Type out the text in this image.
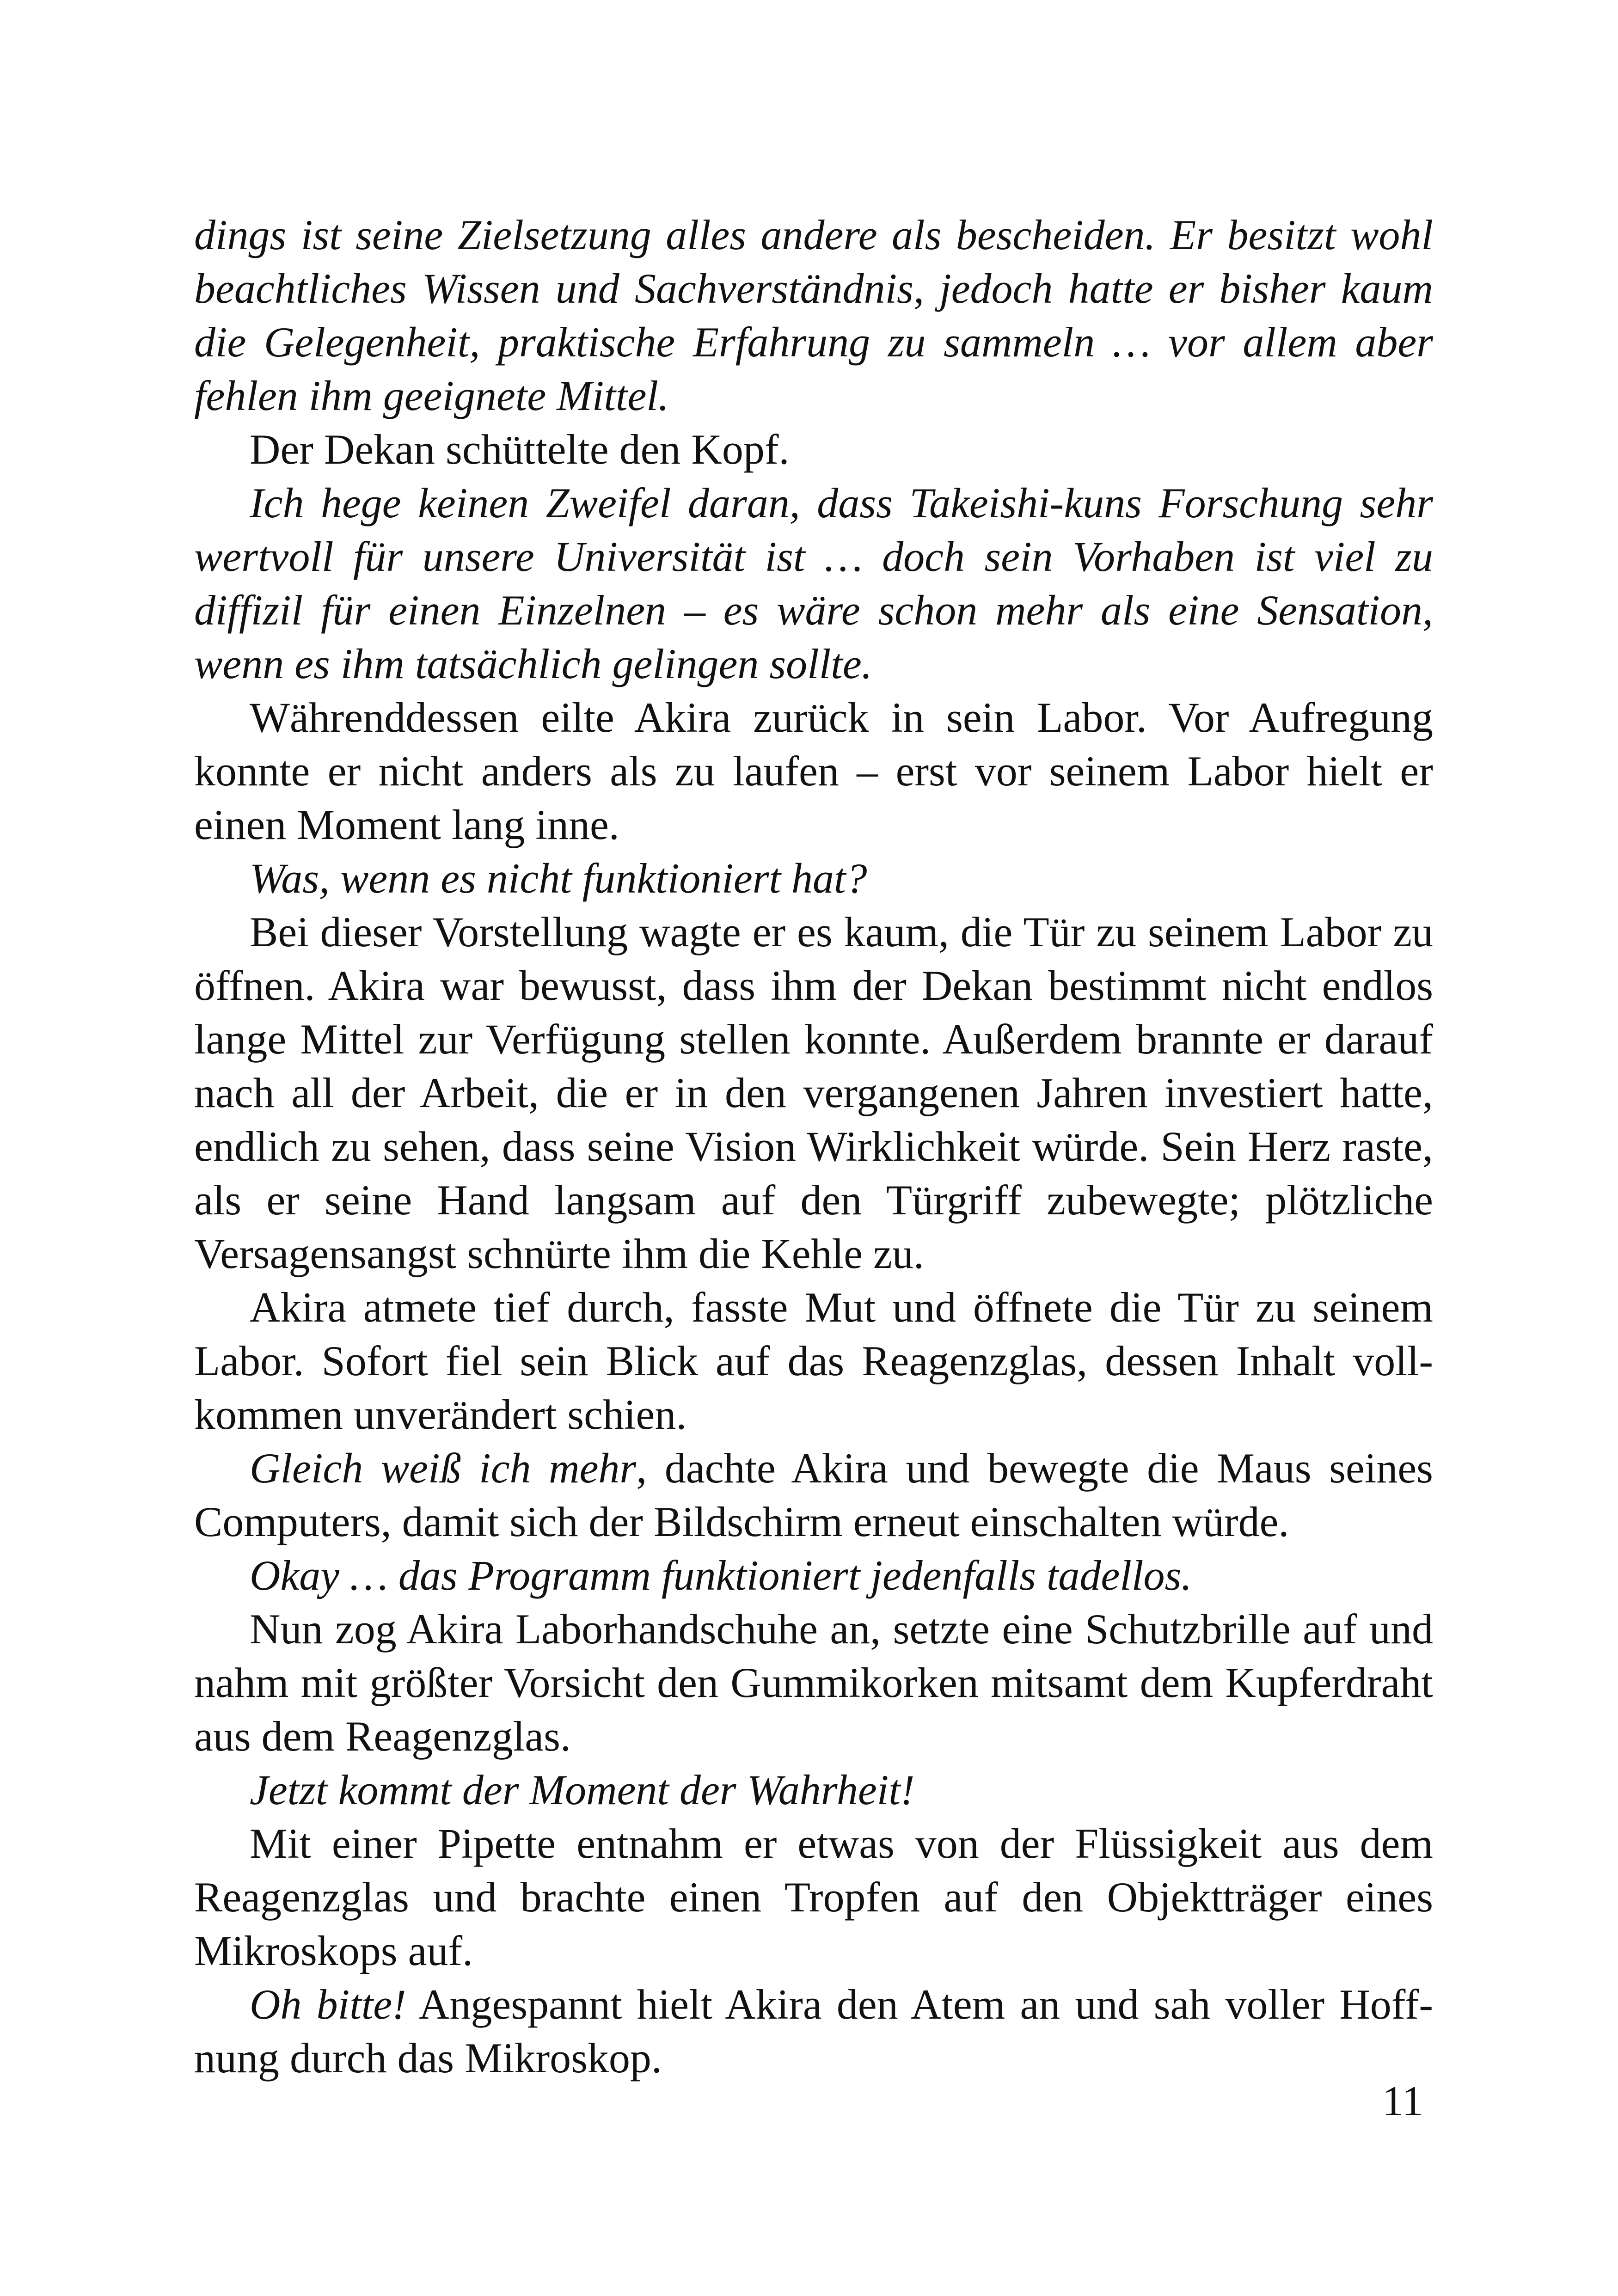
dings ist seine Zielsetzung alles andere als bescheiden. Er besitzt wohl beachtliches Wissen und Sachverständnis, jedoch hatte er bisher kaum die Gelegenheit, praktische Erfahrung zu sammeln … vor allem aber fehlen ihm geeignete Mittel.

Der Dekan schüttelte den Kopf.

Ich hege keinen Zweifel daran, dass Takeishi-kuns Forschung sehr wertvoll für unsere Universität ist … doch sein Vorhaben ist viel zu diffizil für einen Einzelnen – es wäre schon mehr als eine Sensation, wenn es ihm tatsächlich gelingen sollte.

Währenddessen eilte Akira zurück in sein Labor. Vor Aufregung konnte er nicht anders als zu laufen – erst vor seinem Labor hielt er einen Moment lang inne.

Was, wenn es nicht funktioniert hat?

Bei dieser Vorstellung wagte er es kaum, die Tür zu seinem Labor zu öffnen. Akira war bewusst, dass ihm der Dekan bestimmt nicht endlos lange Mittel zur Verfügung stellen konnte. Außerdem brannte er darauf nach all der Arbeit, die er in den vergangenen Jahren investiert hatte, endlich zu sehen, dass seine Vision Wirklichkeit würde. Sein Herz raste, als er seine Hand langsam auf den Türgriff zubewegte; plötzliche Versagensangst schnürte ihm die Kehle zu.

Akira atmete tief durch, fasste Mut und öffnete die Tür zu seinem Labor. Sofort fiel sein Blick auf das Reagenzglas, dessen Inhalt vollkommen unverändert schien.

Gleich weiß ich mehr, dachte Akira und bewegte die Maus seines Computers, damit sich der Bildschirm erneut einschalten würde.

Okay … das Programm funktioniert jedenfalls tadellos.

Nun zog Akira Laborhandschuhe an, setzte eine Schutzbrille auf und nahm mit größter Vorsicht den Gummikorken mitsamt dem Kupferdraht aus dem Reagenzglas.

Jetzt kommt der Moment der Wahrheit!

Mit einer Pipette entnahm er etwas von der Flüssigkeit aus dem Reagenzglas und brachte einen Tropfen auf den Objektträger eines Mikroskops auf.

Oh bitte! Angespannt hielt Akira den Atem an und sah voller Hoffnung durch das Mikroskop.

11
